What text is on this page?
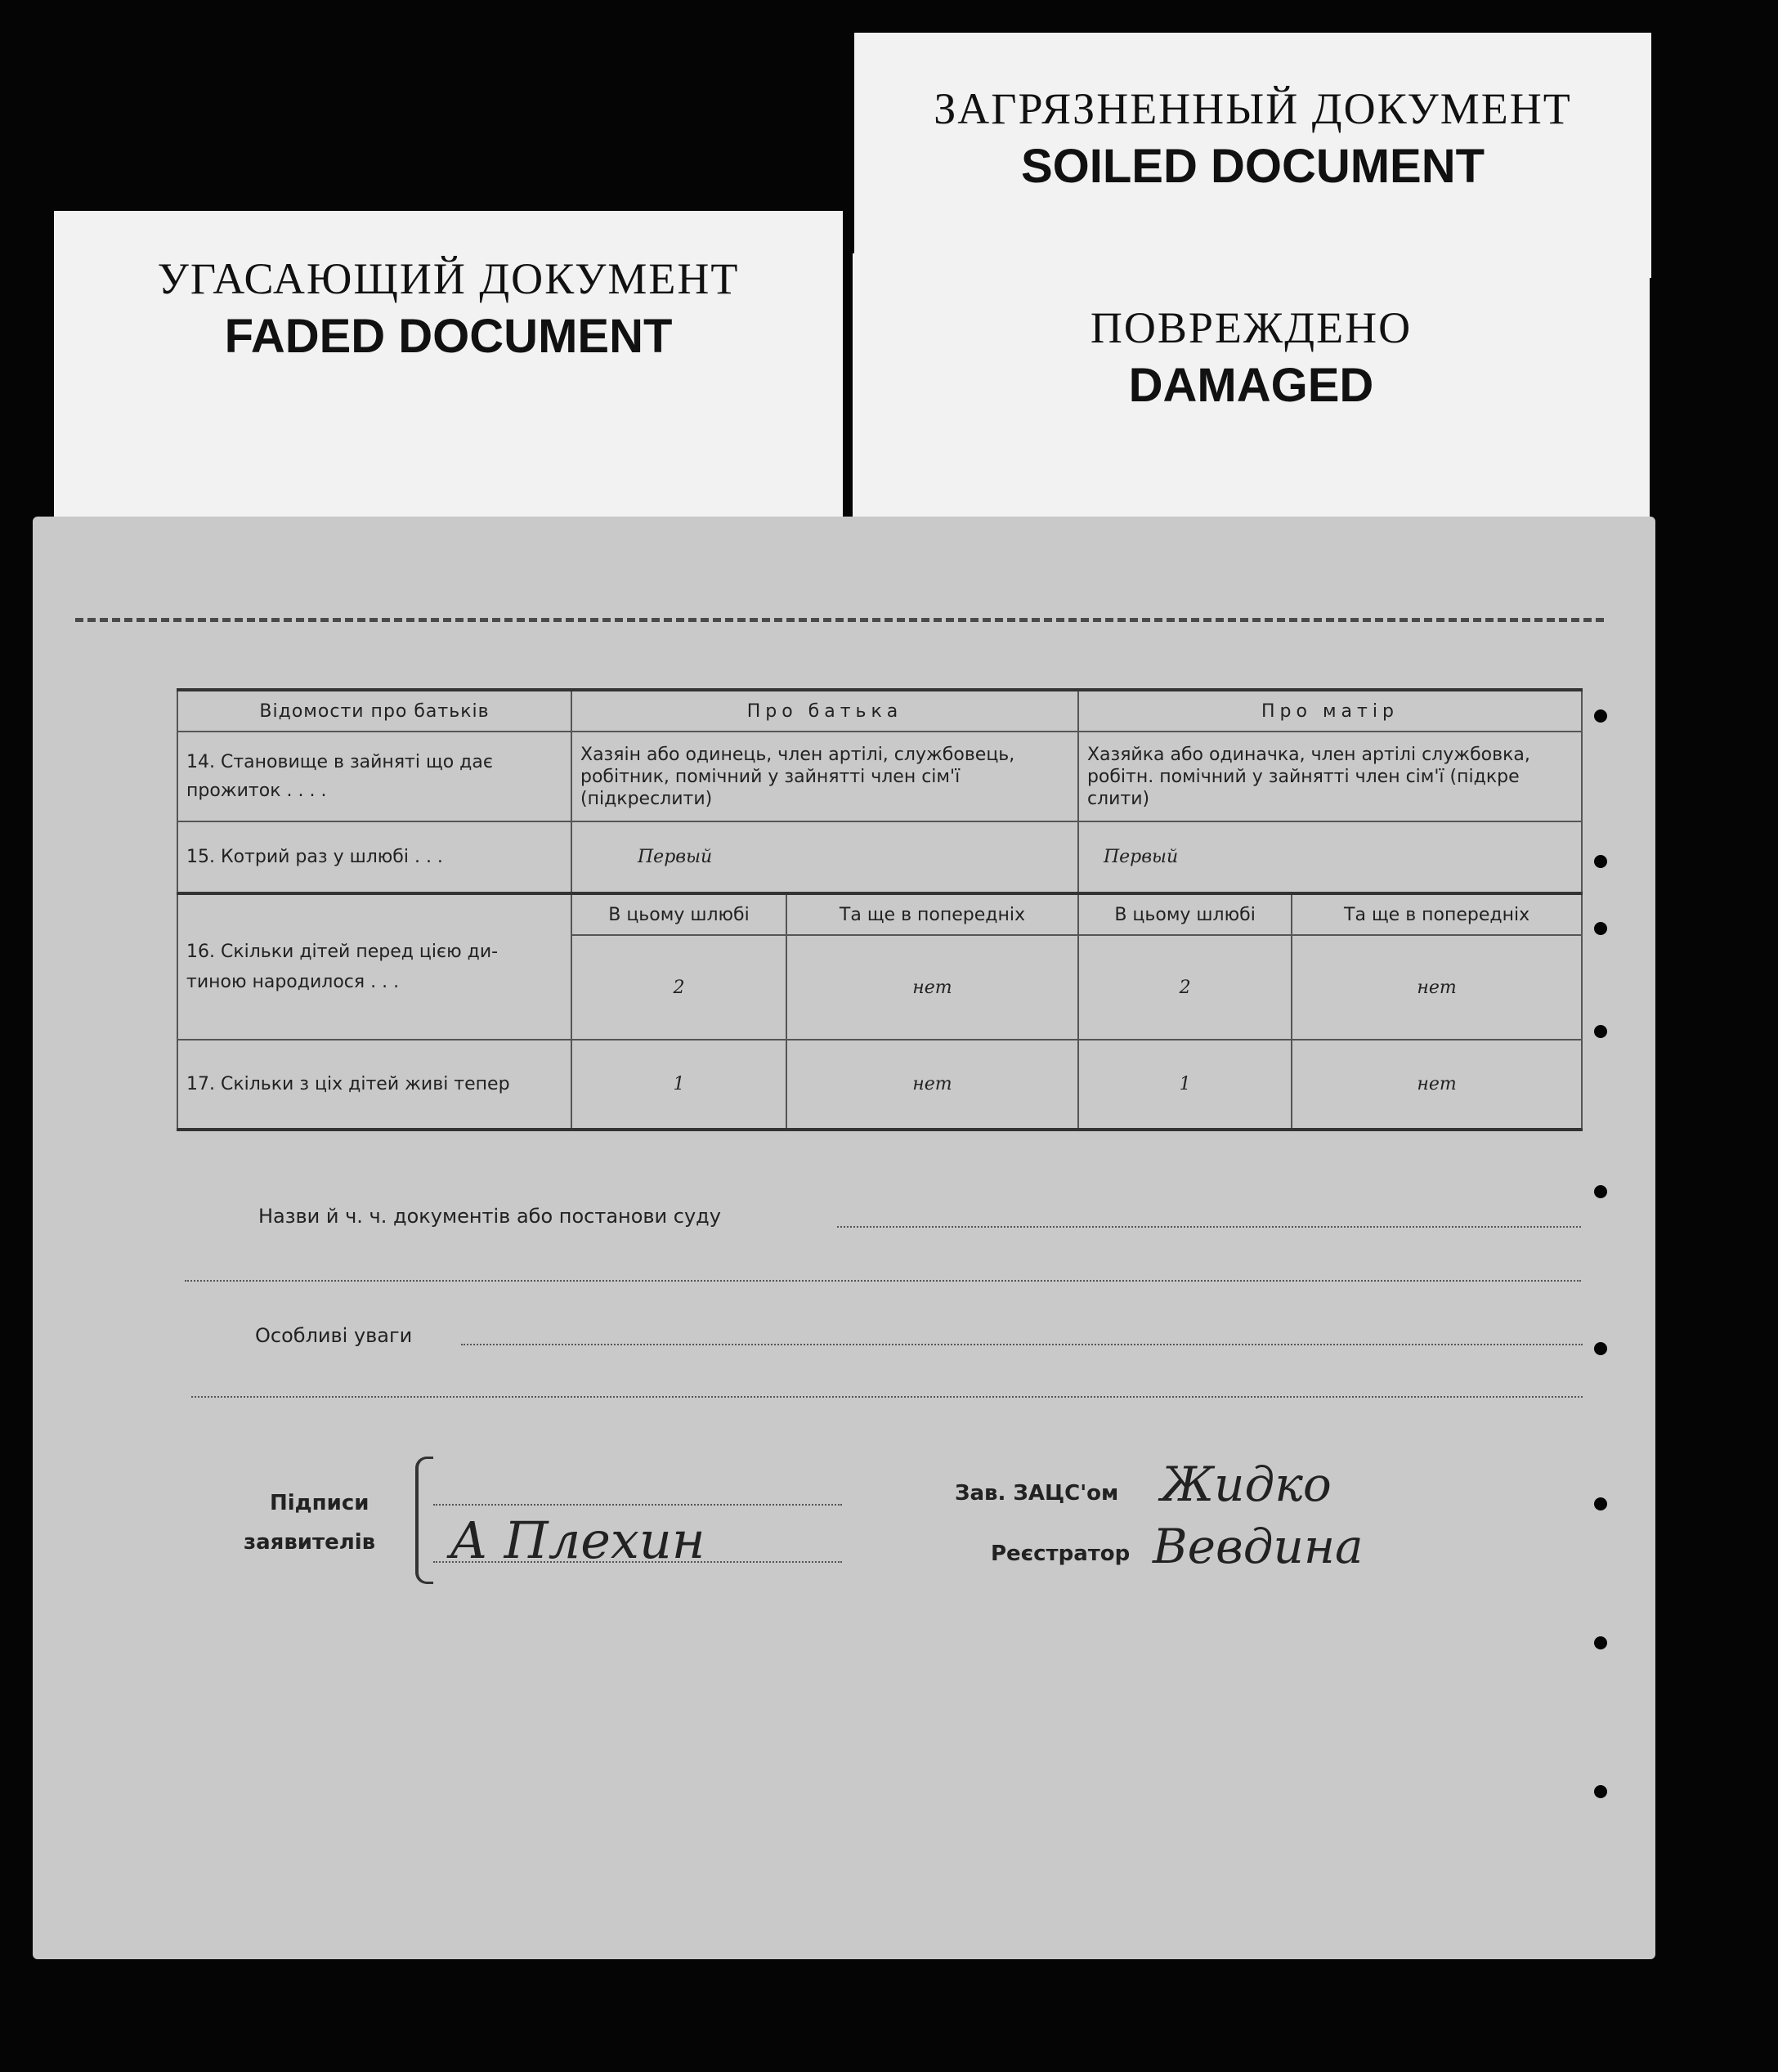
ЗАГРЯЗНЕННЫЙ ДОКУМЕНТ
SOILED DOCUMENT
ПОВРЕЖДЕНО
DAMAGED
УГАСАЮЩИЙ ДОКУМЕНТ
FADED DOCUMENT
Відомости про батьків	Про батька		Про матір	

14. Становище в зайняті що дає
прожиток . . . .	Хазяін або одинець, член артілі, службовець, робітник, помічний у зайнятті член сім'ї (підкреслити)		Хазяйка або одиначка, член артілі службовка, робітн. помічний у зайнятті член сім'ї (підкре слити)	
15. Котрий раз у шлюбі . . .	Первый		Первый	

16. Скільки дітей перед цією ди-
тиною народилося . . .	В цьому шлюбі	Та ще в попередніх	В цьому шлюбі	Та ще в попередніх
	2	нет	2	нет
17. Скільки з ціх дітей живі тепер	1	нет	1	нет
Назви й ч. ч. документів або постанови суду
Особливі уваги
Підписи
заявителів А Плехин
Зав. ЗАЦС'ом Жидко
Реєстратор Вевдина
